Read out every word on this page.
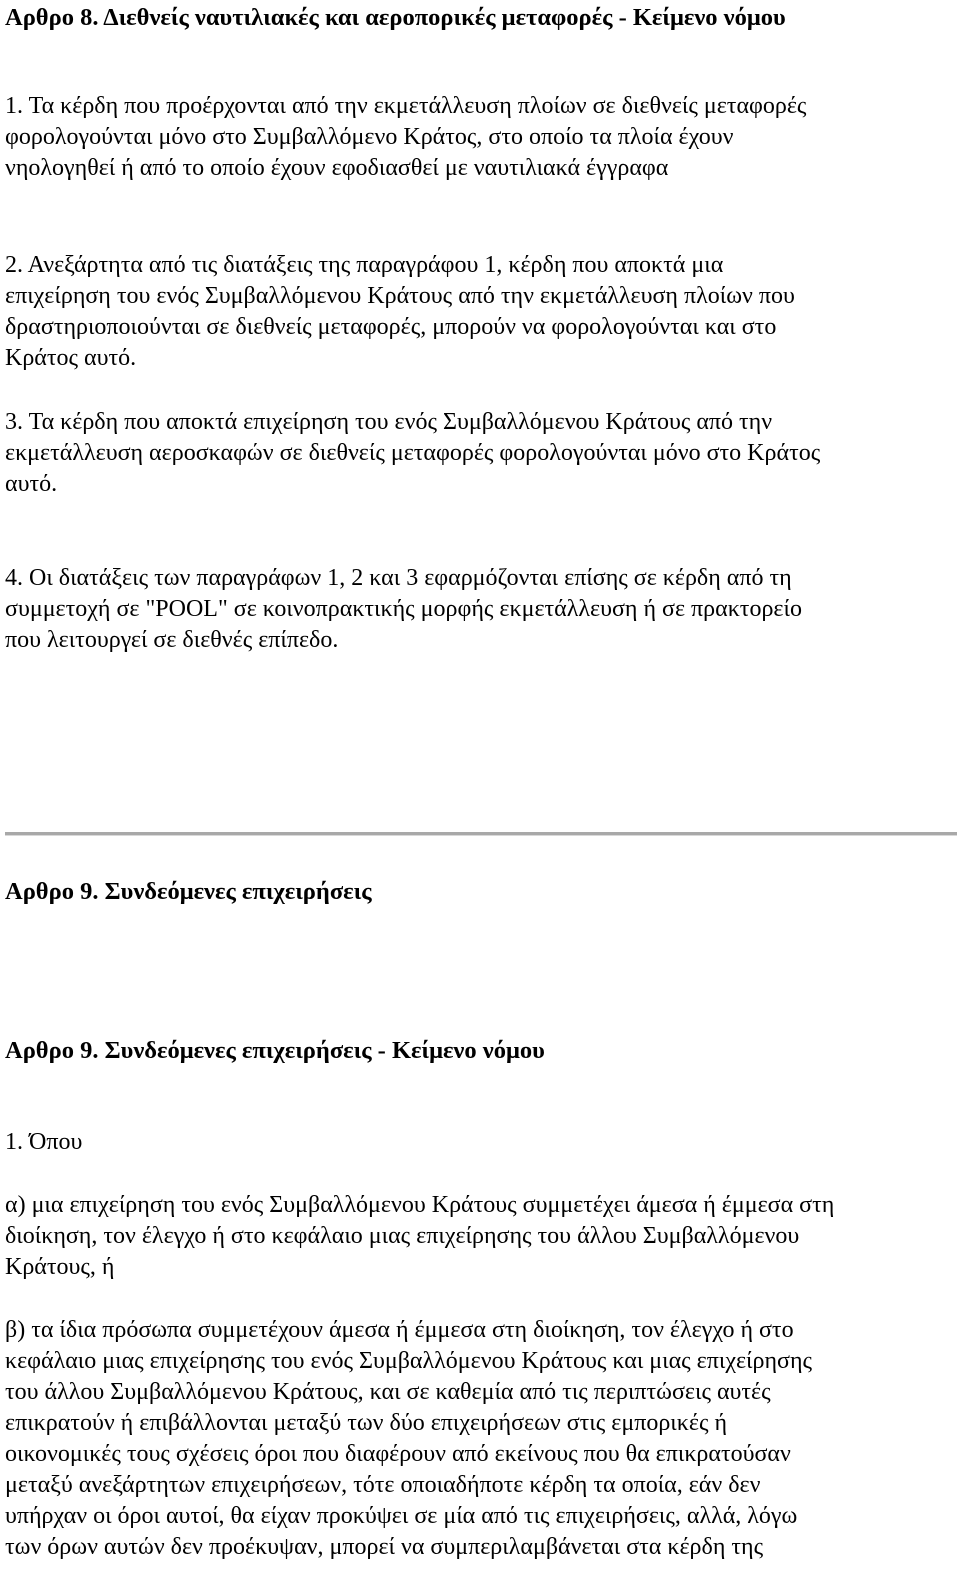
Αρθρο 8. Διεθνείς ναυτιλιακές και αεροπορικές μεταφορές - Κείμενο νόμου

1. Τα κέρδη που προέρχονται από την εκμετάλλευση πλοίων σε διεθνείς μεταφορές
φορολογούνται μόνο στο Συμβαλλόμενο Κράτος, στο οποίο τα πλοία έχουν
νηολογηθεί ή από το οποίο έχουν εφοδιασθεί με ναυτιλιακά έγγραφα

2. Ανεξάρτητα από τις διατάξεις της παραγράφου 1, κέρδη που αποκτά μια
επιχείρηση του ενός Συμβαλλόμενου Κράτους από την εκμετάλλευση πλοίων που
δραστηριοποιούνται σε διεθνείς μεταφορές, μπορούν να φορολογούνται και στο
Κράτος αυτό.

3. Τα κέρδη που αποκτά επιχείρηση του ενός Συμβαλλόμενου Κράτους από την
εκμετάλλευση αεροσκαφών σε διεθνείς μεταφορές φορολογούνται μόνο στο Κράτος
αυτό.

4. Οι διατάξεις των παραγράφων 1, 2 και 3 εφαρμόζονται επίσης σε κέρδη από τη
συμμετοχή σε "POOL" σε κοινοπρακτικής μορφής εκμετάλλευση ή σε πρακτορείο
που λειτουργεί σε διεθνές επίπεδο.

Αρθρο 9. Συνδεόμενες επιχειρήσεις
Αρθρο 9. Συνδεόμενες επιχειρήσεις - Κείμενο νόμου

1. Όπου

α) μια επιχείρηση του ενός Συμβαλλόμενου Κράτους συμμετέχει άμεσα ή έμμεσα στη
διοίκηση, τον έλεγχο ή στο κεφάλαιο μιας επιχείρησης του άλλου Συμβαλλόμενου
Κράτους, ή

β) τα ίδια πρόσωπα συμμετέχουν άμεσα ή έμμεσα στη διοίκηση, τον έλεγχο ή στο
κεφάλαιο μιας επιχείρησης του ενός Συμβαλλόμενου Κράτους και μιας επιχείρησης
του άλλου Συμβαλλόμενου Κράτους, και σε καθεμία από τις περιπτώσεις αυτές
επικρατούν ή επιβάλλονται μεταξύ των δύο επιχειρήσεων στις εμπορικές ή
οικονομικές τους σχέσεις όροι που διαφέρουν από εκείνους που θα επικρατούσαν
μεταξύ ανεξάρτητων επιχειρήσεων, τότε οποιαδήποτε κέρδη τα οποία, εάν δεν
υπήρχαν οι όροι αυτοί, θα είχαν προκύψει σε μία από τις επιχειρήσεις, αλλά, λόγω
των όρων αυτών δεν προέκυψαν, μπορεί να συμπεριλαμβάνεται στα κέρδη της
